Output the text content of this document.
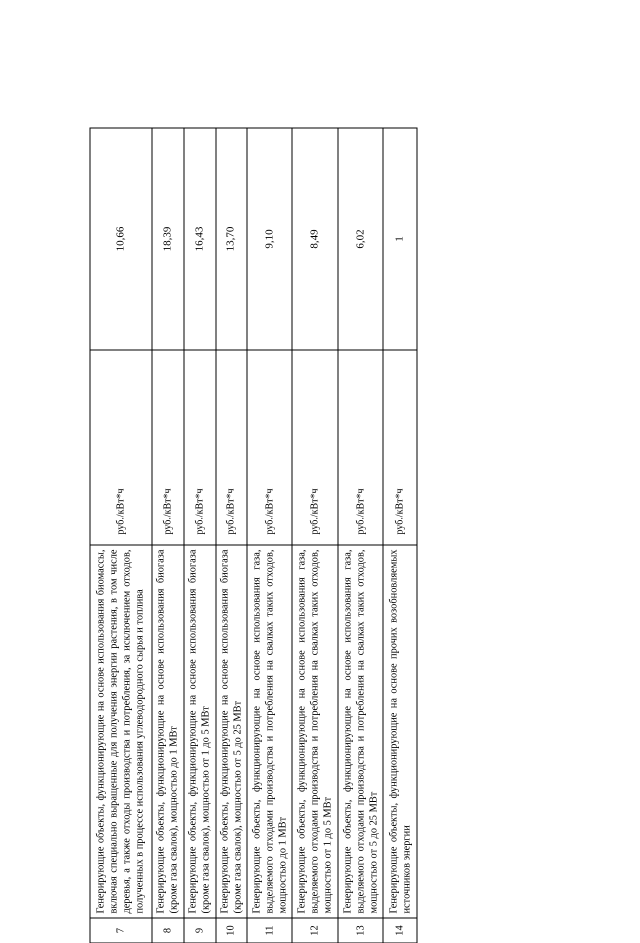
7	Генерирующие объекты, функционирующие на основе использования биомассы, включая специально выращенные для получения энергии растения, в том числе деревья, а также отходы производства и потребления, за исключением отходов, полученных в процессе использования углеводородного сырья и топлива	руб./кВт*ч	10,66
8	Генерирующие объекты, функционирующие на основе использования биогаза (кроме газа свалок), мощностью до 1 МВт	руб./кВт*ч	18,39
9	Генерирующие объекты, функционирующие на основе использования биогаза (кроме газа свалок), мощностью от 1 до 5 МВт	руб./кВт*ч	16,43
10	Генерирующие объекты, функционирующие на основе использования биогаза (кроме газа свалок), мощностью от 5 до 25 МВт	руб./кВт*ч	13,70
11	Генерирующие объекты, функционирующие на основе использования газа, выделяемого отходами производства и потребления на свалках таких отходов, мощностью до 1 МВт	руб./кВт*ч	9,10
12	Генерирующие объекты, функционирующие на основе использования газа, выделяемого отходами производства и потребления на свалках таких отходов, мощностью от 1 до 5 МВт	руб./кВт*ч	8,49
13	Генерирующие объекты, функционирующие на основе использования газа, выделяемого отходами производства и потребления на свалках таких отходов, мощностью от 5 до 25 МВт	руб./кВт*ч	6,02
14	Генерирующие объекты, функционирующие на основе прочих возобновляемых источников энергии	руб./кВт*ч	1
